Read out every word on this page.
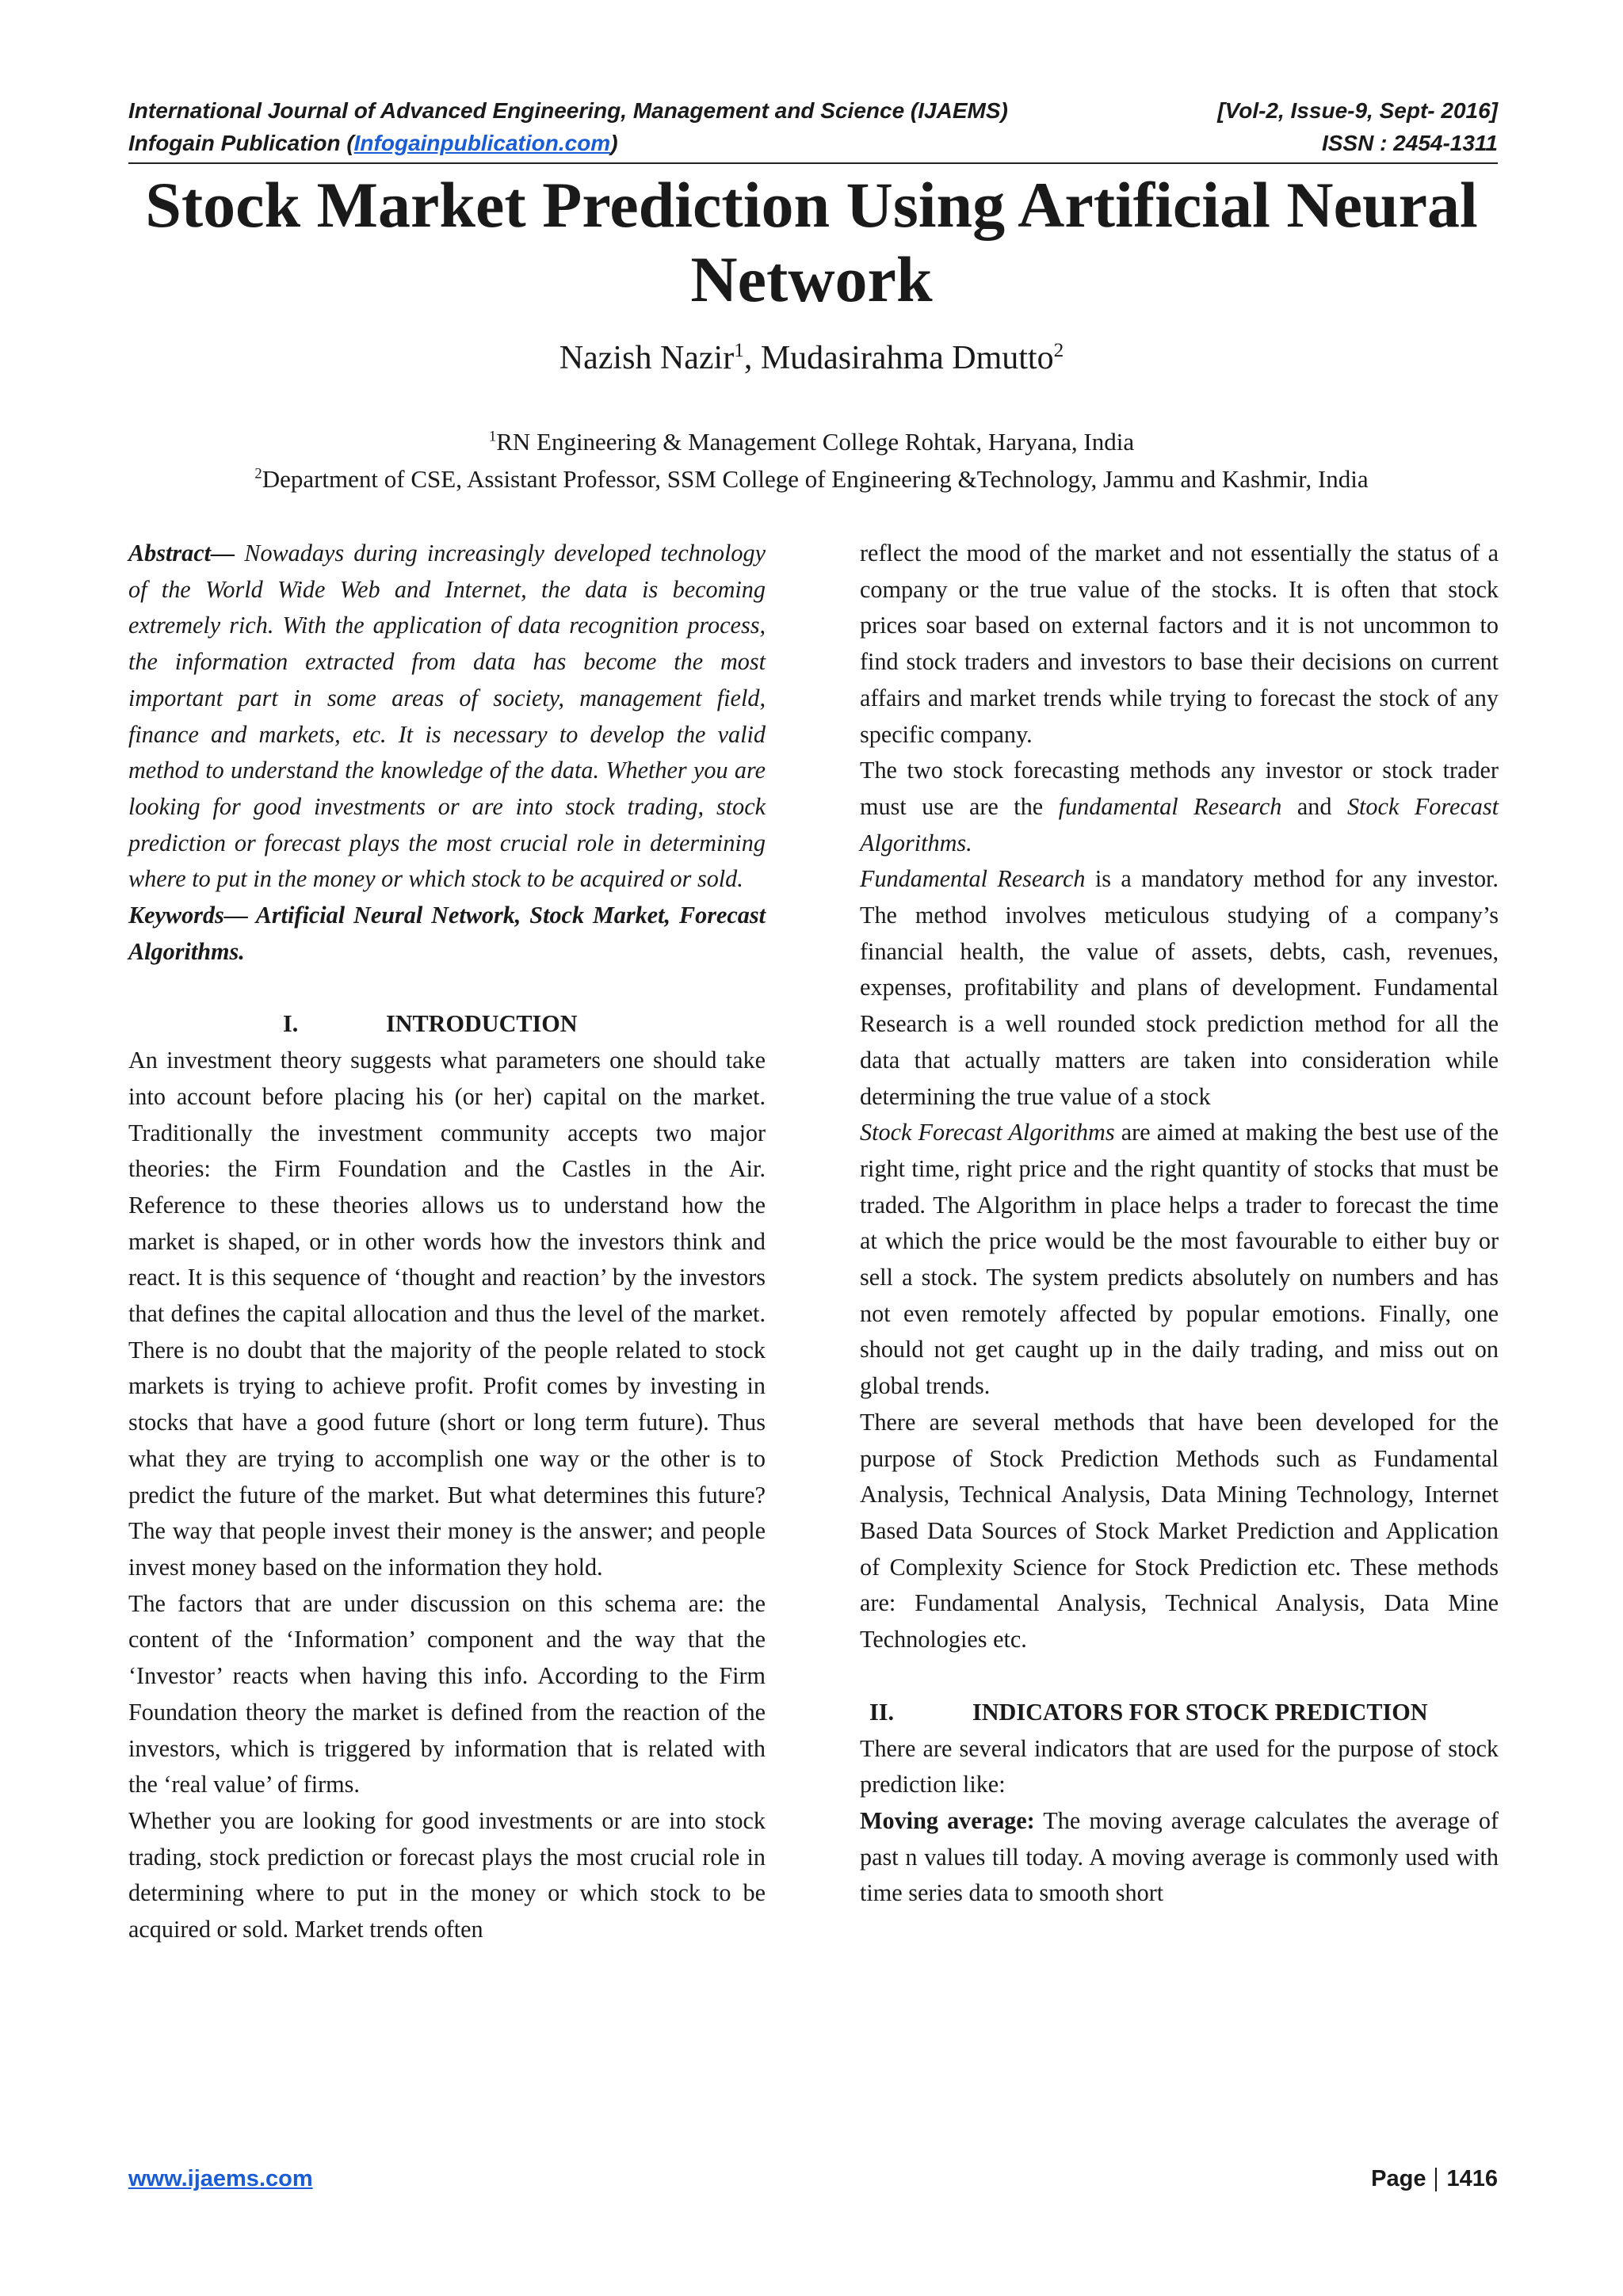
International Journal of Advanced Engineering, Management and Science (IJAEMS)	[Vol-2, Issue-9, Sept- 2016]
Infogain Publication (Infogainpublication.com)	ISSN : 2454-1311
Stock Market Prediction Using Artificial Neural Network
Nazish Nazir$^1$, Mudasirahma Dmutto$^2$
$^1$RN Engineering & Management College Rohtak, Haryana, India
$^2$Department of CSE, Assistant Professor, SSM College of Engineering &Technology, Jammu and Kashmir, India

Abstract— Nowadays during increasingly developed technology of the World Wide Web and Internet, the data is becoming extremely rich. With the application of data recognition process, the information extracted from data has become the most important part in some areas of society, management field, finance and markets, etc. It is necessary to develop the valid method to understand the knowledge of the data. Whether you are looking for good investments or are into stock trading, stock prediction or forecast plays the most crucial role in determining where to put in the money or which stock to be acquired or sold.

Keywords— Artificial Neural Network, Stock Market, Forecast Algorithms.

I.	INTRODUCTION

An investment theory suggests what parameters one should take into account before placing his (or her) capital on the market. Traditionally the investment community accepts two major theories: the Firm Foundation and the Castles in the Air. Reference to these theories allows us to understand how the market is shaped, or in other words how the investors think and react. It is this sequence of ‘thought and reaction’ by the investors that defines the capital allocation and thus the level of the market. There is no doubt that the majority of the people related to stock markets is trying to achieve profit. Profit comes by investing in stocks that have a good future (short or long term future). Thus what they are trying to accomplish one way or the other is to predict the future of the market. But what determines this future? The way that people invest their money is the answer; and people invest money based on the information they hold.

The factors that are under discussion on this schema are: the content of the ‘Information’ component and the way that the ‘Investor’ reacts when having this info. According to the Firm Foundation theory the market is defined from the reaction of the investors, which is triggered by information that is related with the ‘real value’ of firms.

Whether you are looking for good investments or are into stock trading, stock prediction or forecast plays the most crucial role in determining where to put in the money or which stock to be acquired or sold. Market trends often

reflect the mood of the market and not essentially the status of a company or the true value of the stocks. It is often that stock prices soar based on external factors and it is not uncommon to find stock traders and investors to base their decisions on current affairs and market trends while trying to forecast the stock of any specific company.

The two stock forecasting methods any investor or stock trader must use are the fundamental Research and Stock Forecast Algorithms.

Fundamental Research is a mandatory method for any investor. The method involves meticulous studying of a company’s financial health, the value of assets, debts, cash, revenues, expenses, profitability and plans of development. Fundamental Research is a well rounded stock prediction method for all the data that actually matters are taken into consideration while determining the true value of a stock

Stock Forecast Algorithms are aimed at making the best use of the right time, right price and the right quantity of stocks that must be traded. The Algorithm in place helps a trader to forecast the time at which the price would be the most favourable to either buy or sell a stock. The system predicts absolutely on numbers and has not even remotely affected by popular emotions. Finally, one should not get caught up in the daily trading, and miss out on global trends.

There are several methods that have been developed for the purpose of Stock Prediction Methods such as Fundamental Analysis, Technical Analysis, Data Mining Technology, Internet Based Data Sources of Stock Market Prediction and Application of Complexity Science for Stock Prediction etc. These methods are: Fundamental Analysis, Technical Analysis, Data Mine Technologies etc.

II.	INDICATORS FOR STOCK PREDICTION

There are several indicators that are used for the purpose of stock prediction like:

Moving average: The moving average calculates the average of past n values till today. A moving average is commonly used with time series data to smooth short

www.ijaems.com	Page 1416
